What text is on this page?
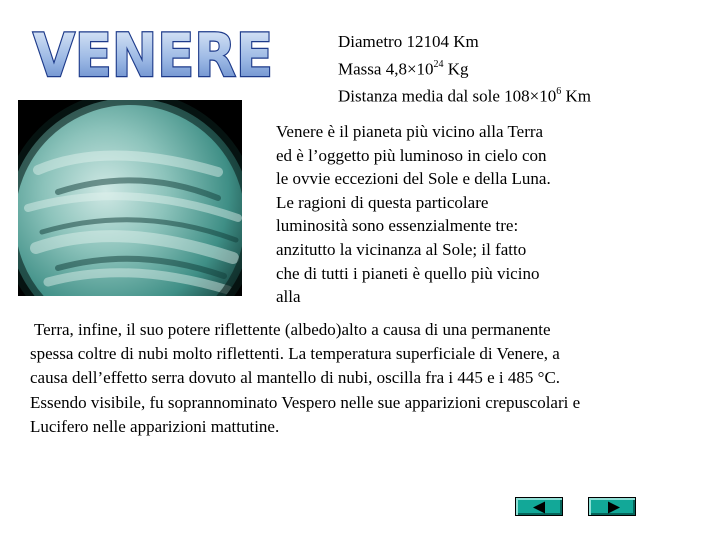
VENERE	Diametro 12104 Km
Massa $4,8\times 10^{24}$ Kg
Distanza media dal sole $108\times 10^6$ Km

Venere è il pianeta più vicino alla Terra

ed è l’oggetto più luminoso in cielo con

le ovvie eccezioni del Sole e della Luna.

Le ragioni di questa particolare

luminosità sono essenzialmente tre:

anzitutto la vicinanza al Sole; il fatto

che di tutti i pianeti è quello più vicino

alla

Terra, infine, il suo potere riflettente (albedo)alto a causa di una permanente

spessa coltre di nubi molto riflettenti. La temperatura superficiale di Venere, a

causa dell’effetto serra dovuto al mantello di nubi, oscilla fra i 445 e i 485 °C.

Essendo visibile, fu soprannominato Vespero nelle sue apparizioni crepuscolari e

Lucifero nelle apparizioni mattutine.
